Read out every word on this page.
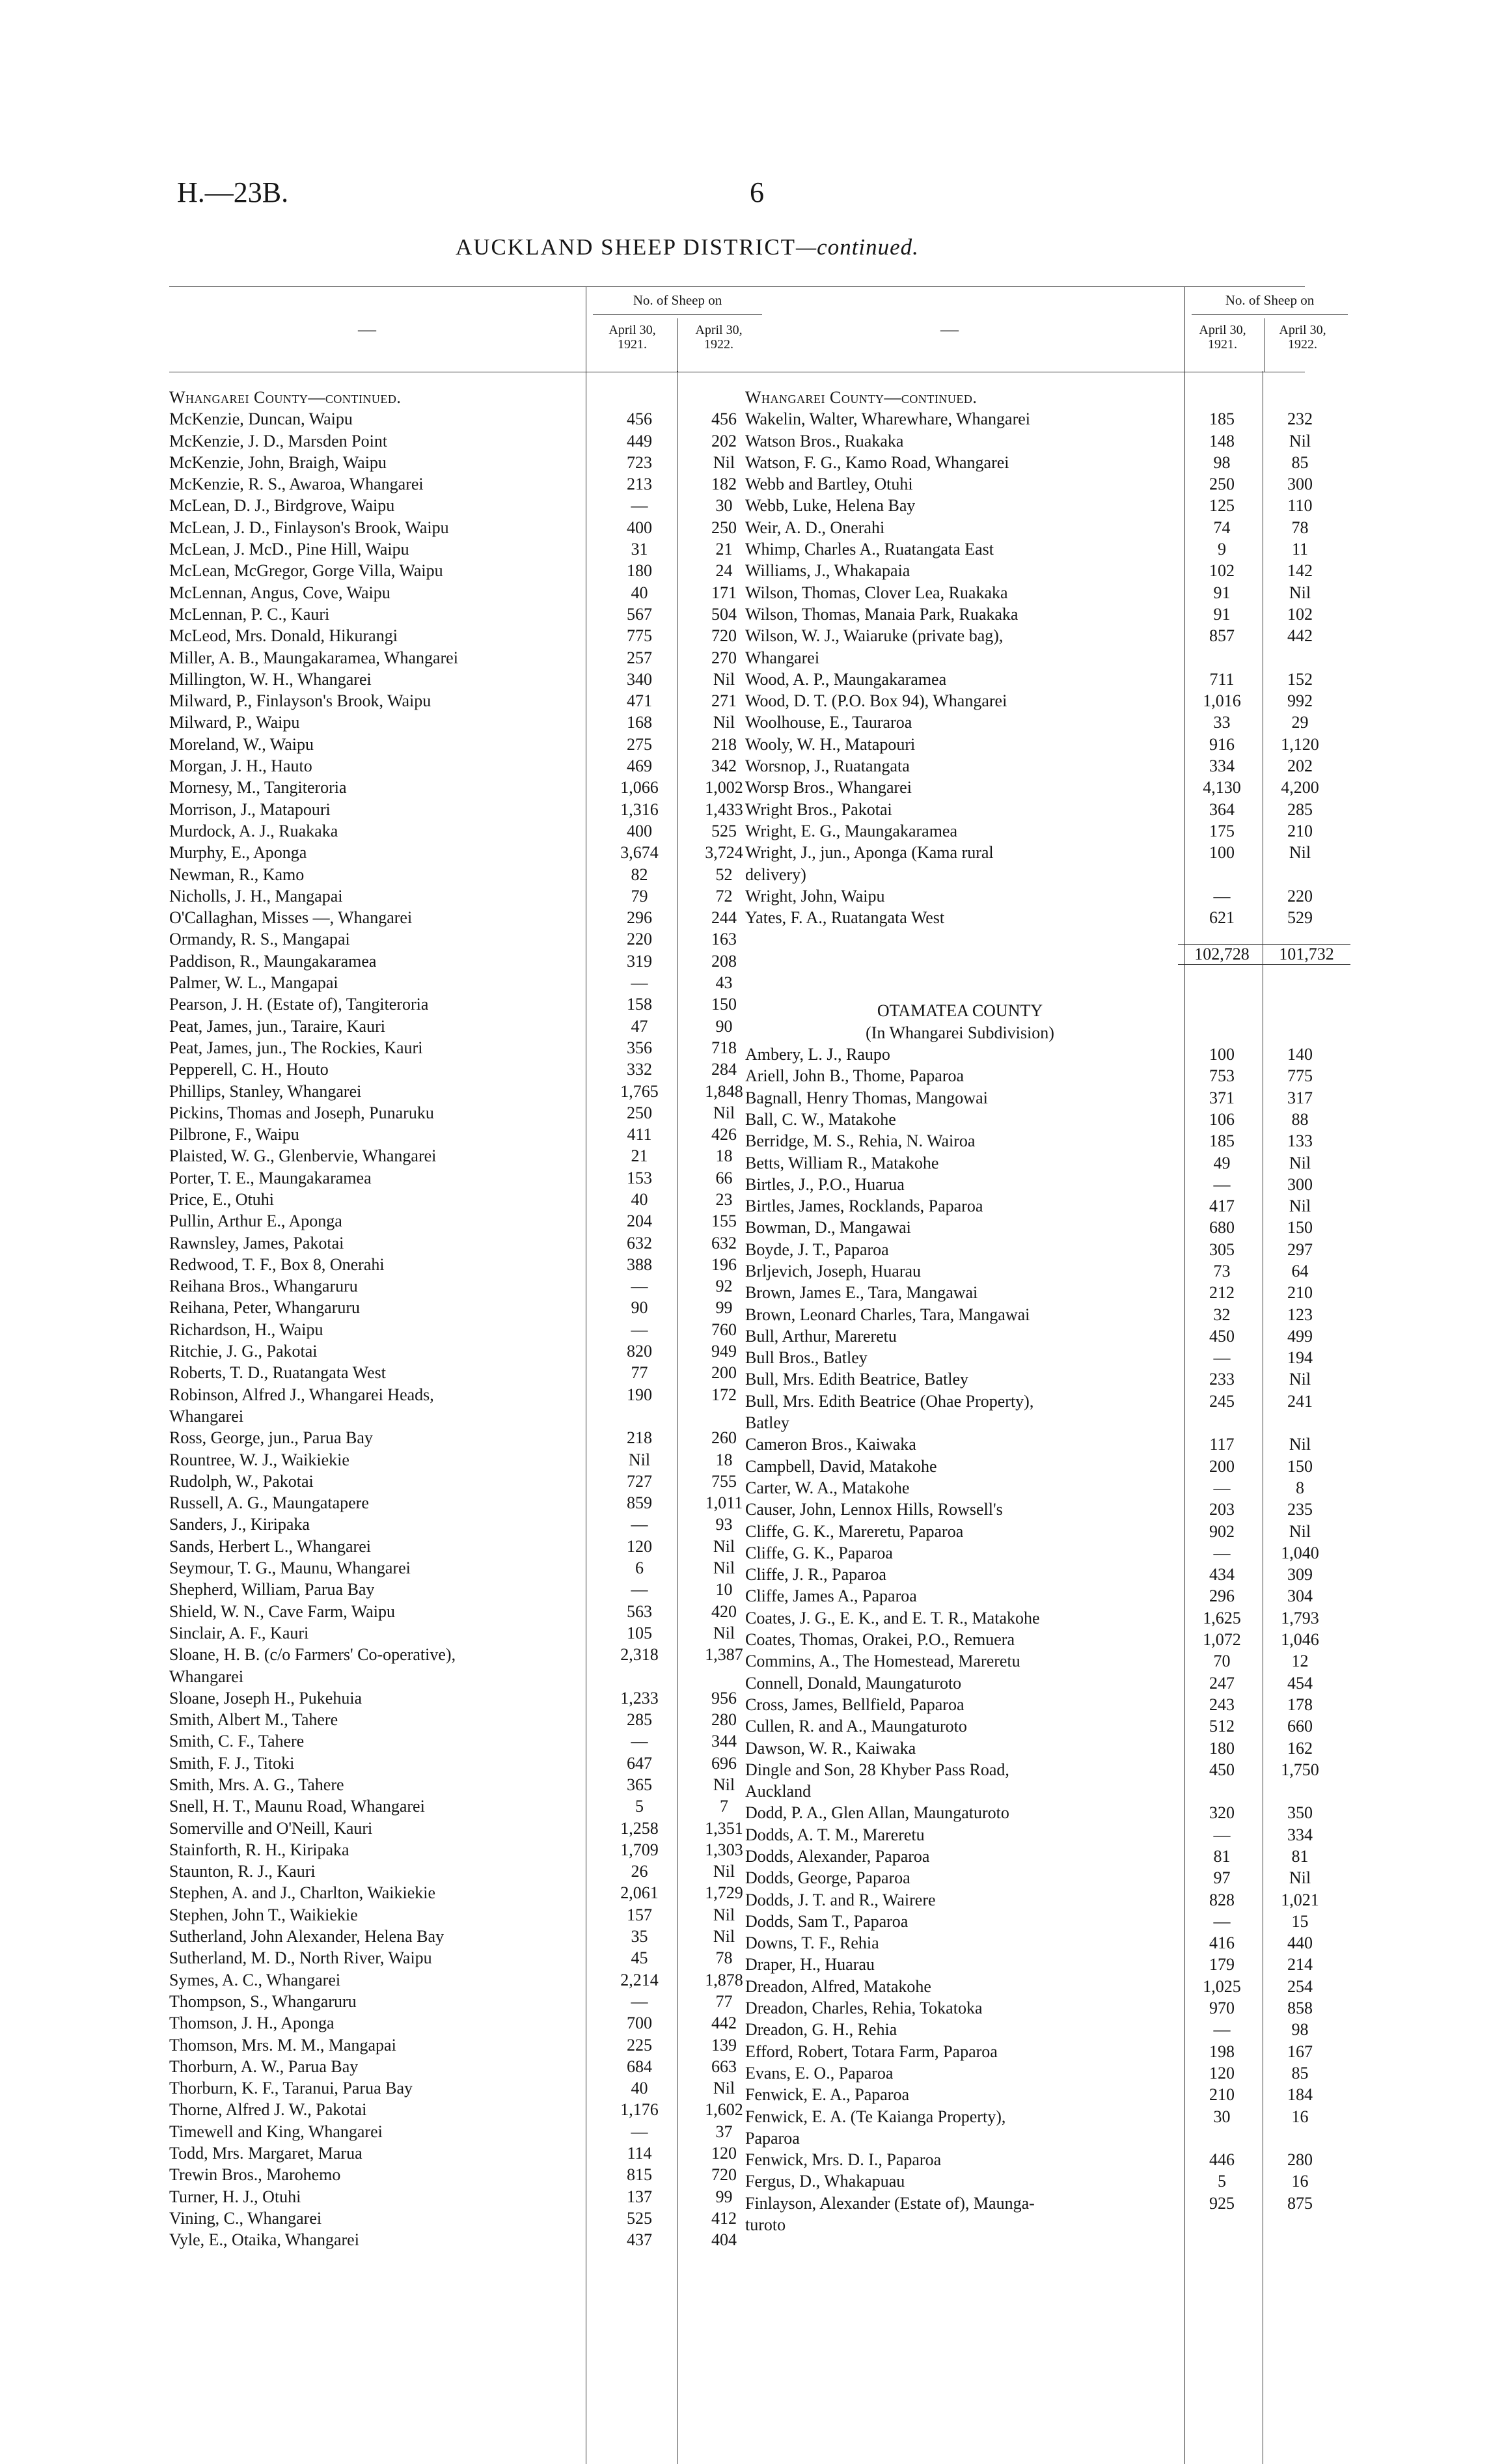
H.—23B.	6
AUCKLAND SHEEP DISTRICT—continued.
—
No. of Sheep on
April 30,
1921.
April 30,
1922.
Whangarei County—continued.
McKenzie, Duncan, Waipu	456	456
McKenzie, J. D., Marsden Point	449	202
McKenzie, John, Braigh, Waipu	723	Nil
McKenzie, R. S., Awaroa, Whangarei	213	182
McLean, D. J., Birdgrove, Waipu	—	30
McLean, J. D., Finlayson's Brook, Waipu	400	250
McLean, J. McD., Pine Hill, Waipu	31	21
McLean, McGregor, Gorge Villa, Waipu	180	24
McLennan, Angus, Cove, Waipu	40	171
McLennan, P. C., Kauri	567	504
McLeod, Mrs. Donald, Hikurangi	775	720
Miller, A. B., Maungakaramea, Whangarei	257	270
Millington, W. H., Whangarei	340	Nil
Milward, P., Finlayson's Brook, Waipu	471	271
Milward, P., Waipu	168	Nil
Moreland, W., Waipu	275	218
Morgan, J. H., Hauto	469	342
Mornesy, M., Tangiteroria	1,066	1,002
Morrison, J., Matapouri	1,316	1,433
Murdock, A. J., Ruakaka	400	525
Murphy, E., Aponga	3,674	3,724
Newman, R., Kamo	82	52
Nicholls, J. H., Mangapai	79	72
O'Callaghan, Misses —, Whangarei	296	244
Ormandy, R. S., Mangapai	220	163
Paddison, R., Maungakaramea	319	208
Palmer, W. L., Mangapai	—	43
Pearson, J. H. (Estate of), Tangiteroria	158	150
Peat, James, jun., Taraire, Kauri	47	90
Peat, James, jun., The Rockies, Kauri	356	718
Pepperell, C. H., Houto	332	284
Phillips, Stanley, Whangarei	1,765	1,848
Pickins, Thomas and Joseph, Punaruku	250	Nil
Pilbrone, F., Waipu	411	426
Plaisted, W. G., Glenbervie, Whangarei	21	18
Porter, T. E., Maungakaramea	153	66
Price, E., Otuhi	40	23
Pullin, Arthur E., Aponga	204	155
Rawnsley, James, Pakotai	632	632
Redwood, T. F., Box 8, Onerahi	388	196
Reihana Bros., Whangaruru	—	92
Reihana, Peter, Whangaruru	90	99
Richardson, H., Waipu	—	760
Ritchie, J. G., Pakotai	820	949
Roberts, T. D., Ruatangata West	77	200
Robinson, Alfred J., Whangarei Heads,	190	172
Whangarei
Ross, George, jun., Parua Bay	218	260
Rountree, W. J., Waikiekie	Nil	18
Rudolph, W., Pakotai	727	755
Russell, A. G., Maungatapere	859	1,011
Sanders, J., Kiripaka	—	93
Sands, Herbert L., Whangarei	120	Nil
Seymour, T. G., Maunu, Whangarei	6	Nil
Shepherd, William, Parua Bay	—	10
Shield, W. N., Cave Farm, Waipu	563	420
Sinclair, A. F., Kauri	105	Nil
Sloane, H. B. (c/o Farmers' Co-operative),	2,318	1,387
Whangarei
Sloane, Joseph H., Pukehuia	1,233	956
Smith, Albert M., Tahere	285	280
Smith, C. F., Tahere	—	344
Smith, F. J., Titoki	647	696
Smith, Mrs. A. G., Tahere	365	Nil
Snell, H. T., Maunu Road, Whangarei	5	7
Somerville and O'Neill, Kauri	1,258	1,351
Stainforth, R. H., Kiripaka	1,709	1,303
Staunton, R. J., Kauri	26	Nil
Stephen, A. and J., Charlton, Waikiekie	2,061	1,729
Stephen, John T., Waikiekie	157	Nil
Sutherland, John Alexander, Helena Bay	35	Nil
Sutherland, M. D., North River, Waipu	45	78
Symes, A. C., Whangarei	2,214	1,878
Thompson, S., Whangaruru	—	77
Thomson, J. H., Aponga	700	442
Thomson, Mrs. M. M., Mangapai	225	139
Thorburn, A. W., Parua Bay	684	663
Thorburn, K. F., Taranui, Parua Bay	40	Nil
Thorne, Alfred J. W., Pakotai	1,176	1,602
Timewell and King, Whangarei	—	37
Todd, Mrs. Margaret, Marua	114	120
Trewin Bros., Marohemo	815	720
Turner, H. J., Otuhi	137	99
Vining, C., Whangarei	525	412
Vyle, E., Otaika, Whangarei	437	404
—
No. of Sheep on
April 30,
1921.
April 30,
1922.
Whangarei County—continued.
Wakelin, Walter, Wharewhare, Whangarei	185	232
Watson Bros., Ruakaka	148	Nil
Watson, F. G., Kamo Road, Whangarei	98	85
Webb and Bartley, Otuhi	250	300
Webb, Luke, Helena Bay	125	110
Weir, A. D., Onerahi	74	78
Whimp, Charles A., Ruatangata East	9	11
Williams, J., Whakapaia	102	142
Wilson, Thomas, Clover Lea, Ruakaka	91	Nil
Wilson, Thomas, Manaia Park, Ruakaka	91	102
Wilson, W. J., Waiaruke (private bag),	857	442
Whangarei
Wood, A. P., Maungakaramea	711	152
Wood, D. T. (P.O. Box 94), Whangarei	1,016	992
Woolhouse, E., Tauraroa	33	29
Wooly, W. H., Matapouri	916	1,120
Worsnop, J., Ruatangata	334	202
Worsp Bros., Whangarei	4,130	4,200
Wright Bros., Pakotai	364	285
Wright, E. G., Maungakaramea	175	210
Wright, J., jun., Aponga (Kama rural	100	Nil
delivery)
Wright, John, Waipu	—	220
Yates, F. A., Ruatangata West	621	529
102,728	101,732
OTAMATEA COUNTY
(In Whangarei Subdivision)
Ambery, L. J., Raupo	100	140
Ariell, John B., Thome, Paparoa	753	775
Bagnall, Henry Thomas, Mangowai	371	317
Ball, C. W., Matakohe	106	88
Berridge, M. S., Rehia, N. Wairoa	185	133
Betts, William R., Matakohe	49	Nil
Birtles, J., P.O., Huarua	—	300
Birtles, James, Rocklands, Paparoa	417	Nil
Bowman, D., Mangawai	680	150
Boyde, J. T., Paparoa	305	297
Brljevich, Joseph, Huarau	73	64
Brown, James E., Tara, Mangawai	212	210
Brown, Leonard Charles, Tara, Mangawai	32	123
Bull, Arthur, Mareretu	450	499
Bull Bros., Batley	—	194
Bull, Mrs. Edith Beatrice, Batley	233	Nil
Bull, Mrs. Edith Beatrice (Ohae Property),	245	241
Batley
Cameron Bros., Kaiwaka	117	Nil
Campbell, David, Matakohe	200	150
Carter, W. A., Matakohe	—	8
Causer, John, Lennox Hills, Rowsell's	203	235
Cliffe, G. K., Mareretu, Paparoa	902	Nil
Cliffe, G. K., Paparoa	—	1,040
Cliffe, J. R., Paparoa	434	309
Cliffe, James A., Paparoa	296	304
Coates, J. G., E. K., and E. T. R., Matakohe	1,625	1,793
Coates, Thomas, Orakei, P.O., Remuera	1,072	1,046
Commins, A., The Homestead, Mareretu	70	12
Connell, Donald, Maungaturoto	247	454
Cross, James, Bellfield, Paparoa	243	178
Cullen, R. and A., Maungaturoto	512	660
Dawson, W. R., Kaiwaka	180	162
Dingle and Son, 28 Khyber Pass Road,	450	1,750
Auckland
Dodd, P. A., Glen Allan, Maungaturoto	320	350
Dodds, A. T. M., Mareretu	—	334
Dodds, Alexander, Paparoa	81	81
Dodds, George, Paparoa	97	Nil
Dodds, J. T. and R., Wairere	828	1,021
Dodds, Sam T., Paparoa	—	15
Downs, T. F., Rehia	416	440
Draper, H., Huarau	179	214
Dreadon, Alfred, Matakohe	1,025	254
Dreadon, Charles, Rehia, Tokatoka	970	858
Dreadon, G. H., Rehia	—	98
Efford, Robert, Totara Farm, Paparoa	198	167
Evans, E. O., Paparoa	120	85
Fenwick, E. A., Paparoa	210	184
Fenwick, E. A. (Te Kaianga Property),	30	16
Paparoa
Fenwick, Mrs. D. I., Paparoa	446	280
Fergus, D., Whakapuau	5	16
Finlayson, Alexander (Estate of), Maunga-	925	875
turoto
